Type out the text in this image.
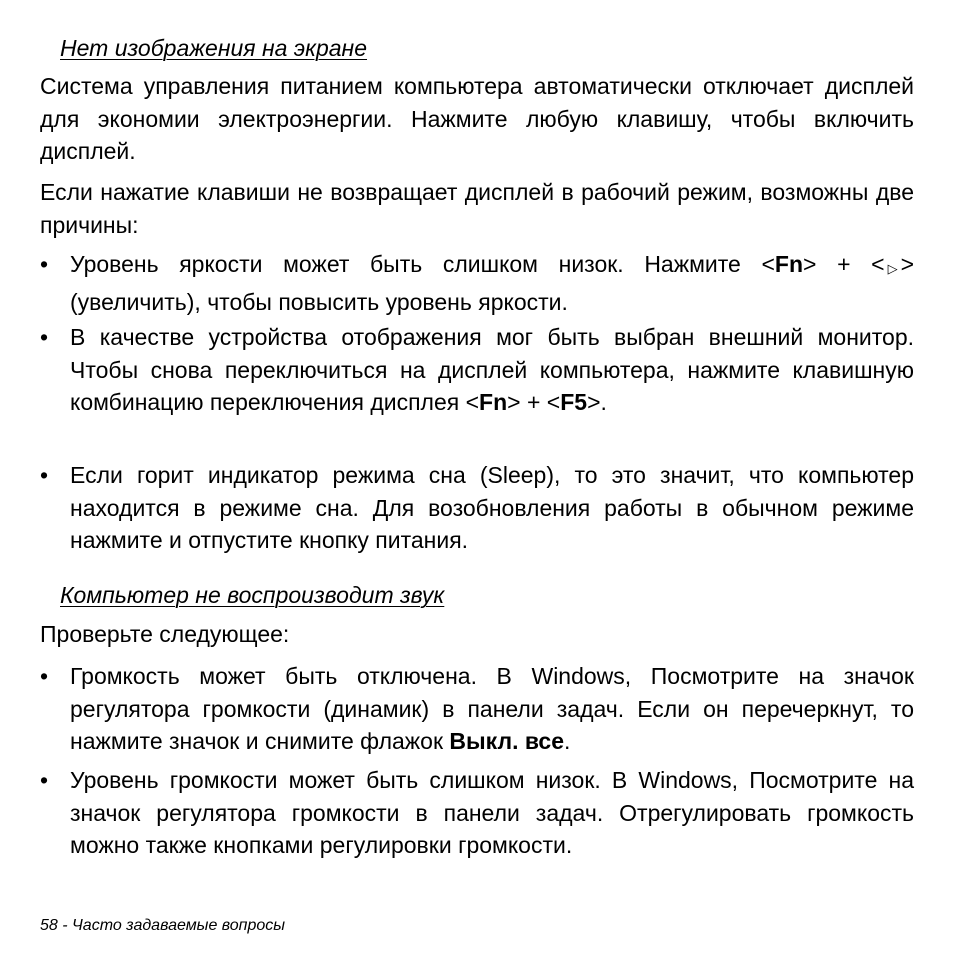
Нет изображения на экране
Система управления питанием компьютера автоматически отключает дисплей для экономии электроэнергии. Нажмите любую клавишу, чтобы включить дисплей.
Если нажатие клавиши не возвращает дисплей в рабочий режим, возможны две причины:
• Уровень яркости может быть слишком низок. Нажмите <Fn> + < ▷ > (увеличить), чтобы повысить уровень яркости.
• В качестве устройства отображения мог быть выбран внешний монитор. Чтобы снова переключиться на дисплей компьютера, нажмите клавишную комбинацию переключения дисплея <Fn> + <F5>.
• Если горит индикатор режима сна (Sleep), то это значит, что компьютер находится в режиме сна. Для возобновления работы в обычном режиме нажмите и отпустите кнопку питания.
Компьютер не воспроизводит звук
Проверьте следующее:
• Громкость может быть отключена. В Windows, Посмотрите на значок регулятора громкости (динамик) в панели задач. Если он перечеркнут, то нажмите значок и снимите флажок Выкл. все.
• Уровень громкости может быть слишком низок. В Windows, Посмотрите на значок регулятора громкости в панели задач. Отрегулировать громкость можно также кнопками регулировки громкости.
58 - Часто задаваемые вопросы
